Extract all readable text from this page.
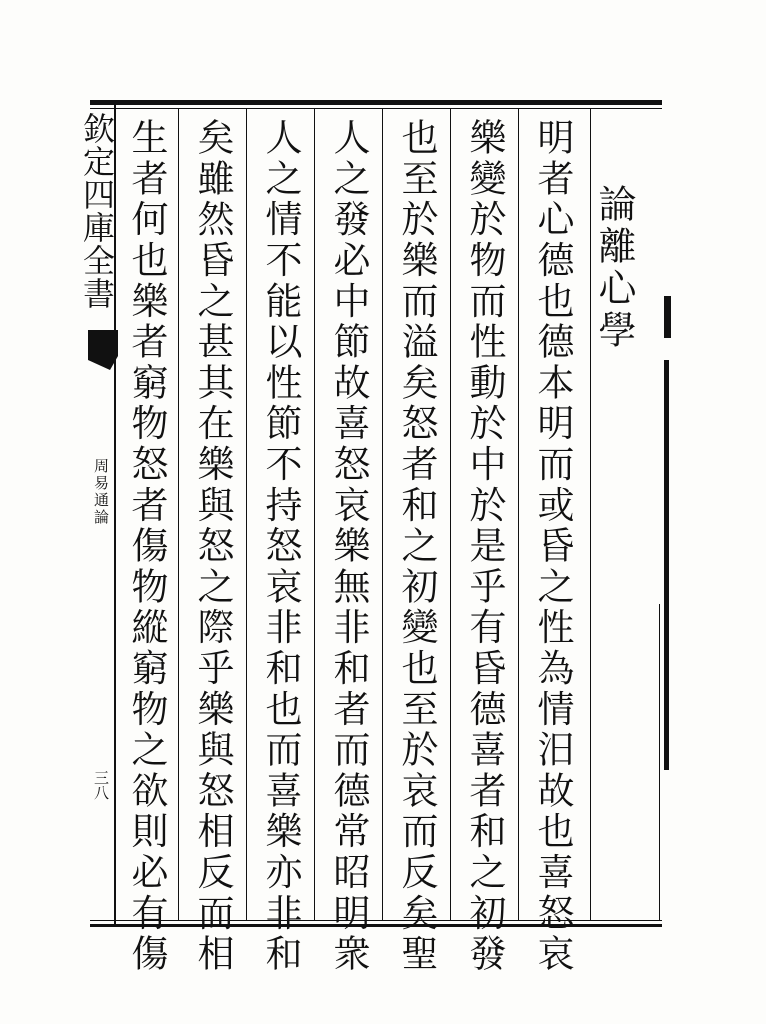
欽定四庫全書
周易通論
三八	明者心德也德本明而或昏之性為情汨故也喜怒哀
樂變於物而性動於中於是乎有昏德喜者和之初發
也至於樂而溢矣怒者和之初變也至於哀而反矣聖
人之發必中節故喜怒哀樂無非和者而德常昭明衆
人之情不能以性節不持怒哀非和也而喜樂亦非和
矣雖然昏之甚其在樂與怒之際乎樂與怒相反而相
生者何也樂者窮物怒者傷物縱窮物之欲則必有傷	論離心學
